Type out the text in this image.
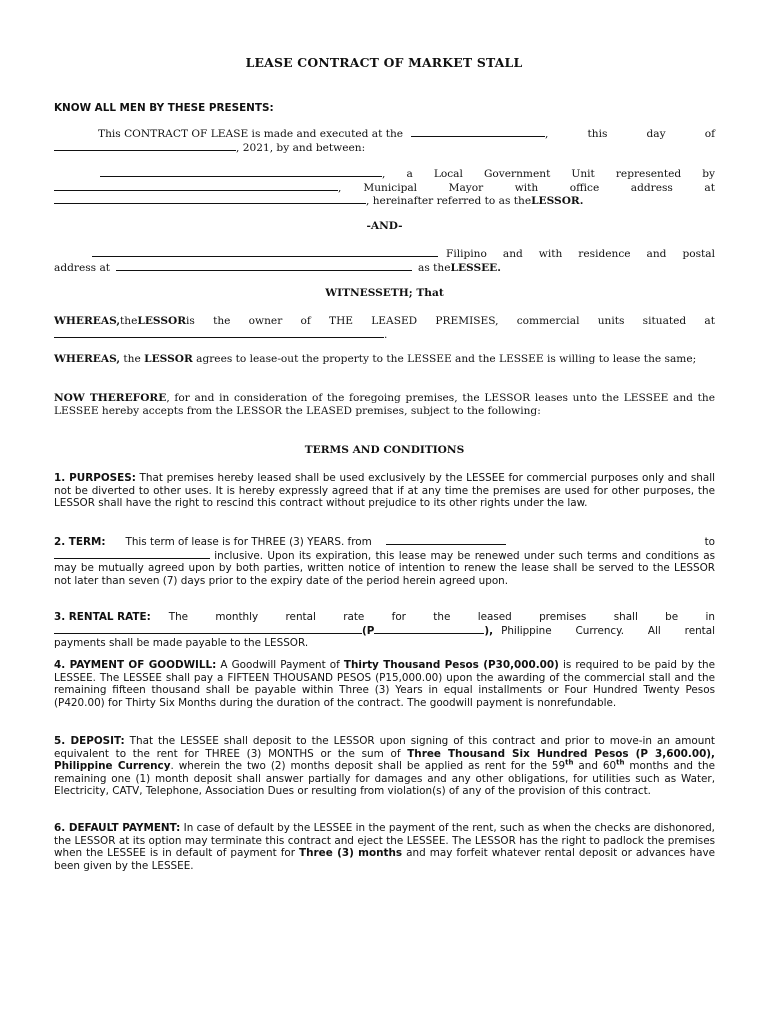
LEASE CONTRACT OF MARKET STALL
KNOW ALL MEN BY THESE PRESENTS:
This CONTRACT OF LEASE is made and executed at the	, this day of
, 2021, by and between:
, a Local Government Unit represented by
, Municipal	Mayor	with	office	address	at
, hereinafter referred to as the LESSOR.
-AND-
Filipino and with residence and postal
address at	as the LESSEE.
WITNESSETH; That
WHEREAS, the LESSOR is the owner of THE LEASED PREMISES, commercial units situated at
.
WHEREAS, the LESSOR agrees to lease-out the property to the LESSEE and the LESSEE is willing to lease the same;
NOW THEREFORE, for and in consideration of the foregoing premises, the LESSOR leases unto the LESSEE and the LESSEE hereby accepts from the LESSOR the LEASED premises, subject to the following:
TERMS AND CONDITIONS
1. PURPOSES: That premises hereby leased shall be used exclusively by the LESSEE for commercial purposes only and shall not be diverted to other uses. It is hereby expressly agreed that if at any time the premises are used for other purposes, the LESSOR shall have the right to rescind this contract without prejudice to its other rights under the law.
2. TERM:	This term of lease is for THREE (3) YEARS. from	to
inclusive. Upon its expiration, this lease may be renewed under such terms and conditions as may be mutually agreed upon by both parties, written notice of intention to renew the lease shall be served to the LESSOR not later than seven (7) days prior to the expiry date of the period herein agreed upon.
3. RENTAL RATE:	The monthly rental rate for the leased premises shall be in
(P	), Philippine Currency. All rental
payments shall be made payable to the LESSOR.
4. PAYMENT OF GOODWILL: A Goodwill Payment of Thirty Thousand Pesos (P30,000.00) is required to be paid by the LESSEE. The LESSEE shall pay a FIFTEEN THOUSAND PESOS (P15,000.00) upon the awarding of the commercial stall and the remaining fifteen thousand shall be payable within Three (3) Years in equal installments or Four Hundred Twenty Pesos (P420.00) for Thirty Six Months during the duration of the contract. The goodwill payment is nonrefundable.
5. DEPOSIT: That the LESSEE shall deposit to the LESSOR upon signing of this contract and prior to move-in an amount equivalent to the rent for THREE (3) MONTHS or the sum of Three Thousand Six Hundred Pesos (P 3,600.00), Philippine Currency. wherein the two (2) months deposit shall be applied as rent for the 59th and 60th months and the remaining one (1) month deposit shall answer partially for damages and any other obligations, for utilities such as Water, Electricity, CATV, Telephone, Association Dues or resulting from violation(s) of any of the provision of this contract.
6. DEFAULT PAYMENT: In case of default by the LESSEE in the payment of the rent, such as when the checks are dishonored, the LESSOR at its option may terminate this contract and eject the LESSEE. The LESSOR has the right to padlock the premises when the LESSEE is in default of payment for Three (3) months and may forfeit whatever rental deposit or advances have been given by the LESSEE.
